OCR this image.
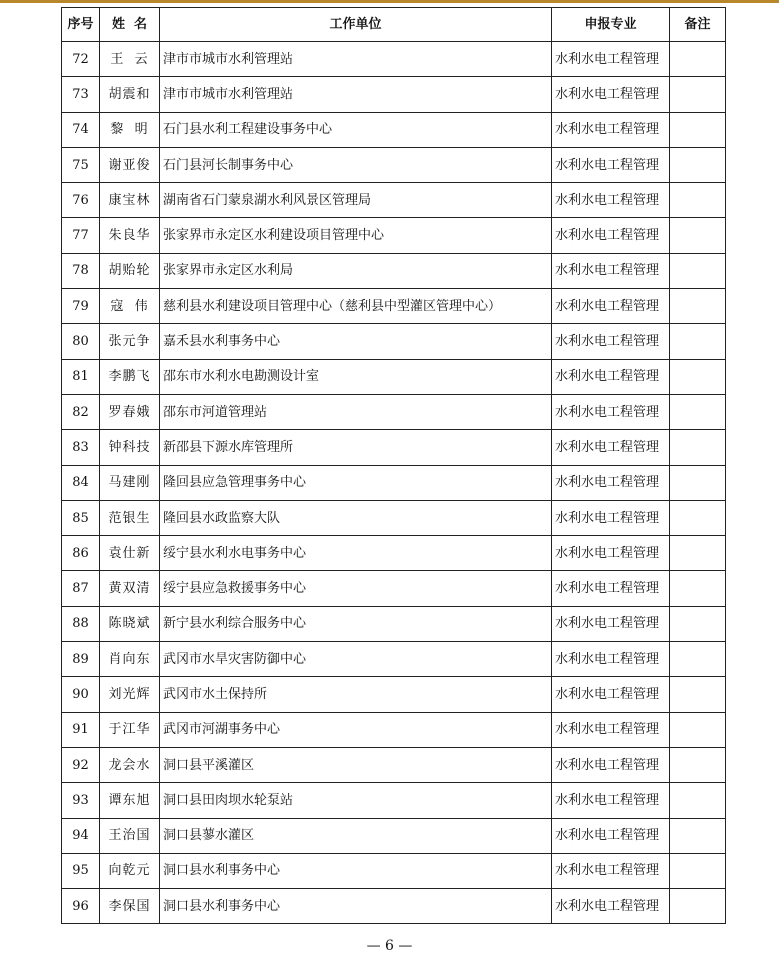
序号	姓  名	工作单位	申报专业	备注
72	王  云	津市市城市水利管理站	水利水电工程管理	
73	胡震和	津市市城市水利管理站	水利水电工程管理	
74	黎  明	石门县水利工程建设事务中心	水利水电工程管理	
75	谢亚俊	石门县河长制事务中心	水利水电工程管理	
76	康宝林	湖南省石门蒙泉湖水利风景区管理局	水利水电工程管理	
77	朱良华	张家界市永定区水利建设项目管理中心	水利水电工程管理	
78	胡贻轮	张家界市永定区水利局	水利水电工程管理	
79	寇  伟	慈利县水利建设项目管理中心（慈利县中型灌区管理中心）	水利水电工程管理	
80	张元争	嘉禾县水利事务中心	水利水电工程管理	
81	李鹏飞	邵东市水利水电勘测设计室	水利水电工程管理	
82	罗春娥	邵东市河道管理站	水利水电工程管理	
83	钟科技	新邵县下源水库管理所	水利水电工程管理	
84	马建刚	隆回县应急管理事务中心	水利水电工程管理	
85	范银生	隆回县水政监察大队	水利水电工程管理	
86	袁仕新	绥宁县水利水电事务中心	水利水电工程管理	
87	黄双清	绥宁县应急救援事务中心	水利水电工程管理	
88	陈晓斌	新宁县水利综合服务中心	水利水电工程管理	
89	肖向东	武冈市水旱灾害防御中心	水利水电工程管理	
90	刘光辉	武冈市水土保持所	水利水电工程管理	
91	于江华	武冈市河湖事务中心	水利水电工程管理	
92	龙会水	洞口县平溪灌区	水利水电工程管理	
93	谭东旭	洞口县田肉坝水轮泵站	水利水电工程管理	
94	王治国	洞口县蓼水灌区	水利水电工程管理	
95	向乾元	洞口县水利事务中心	水利水电工程管理	
96	李保国	洞口县水利事务中心	水利水电工程管理	
— 6 —
